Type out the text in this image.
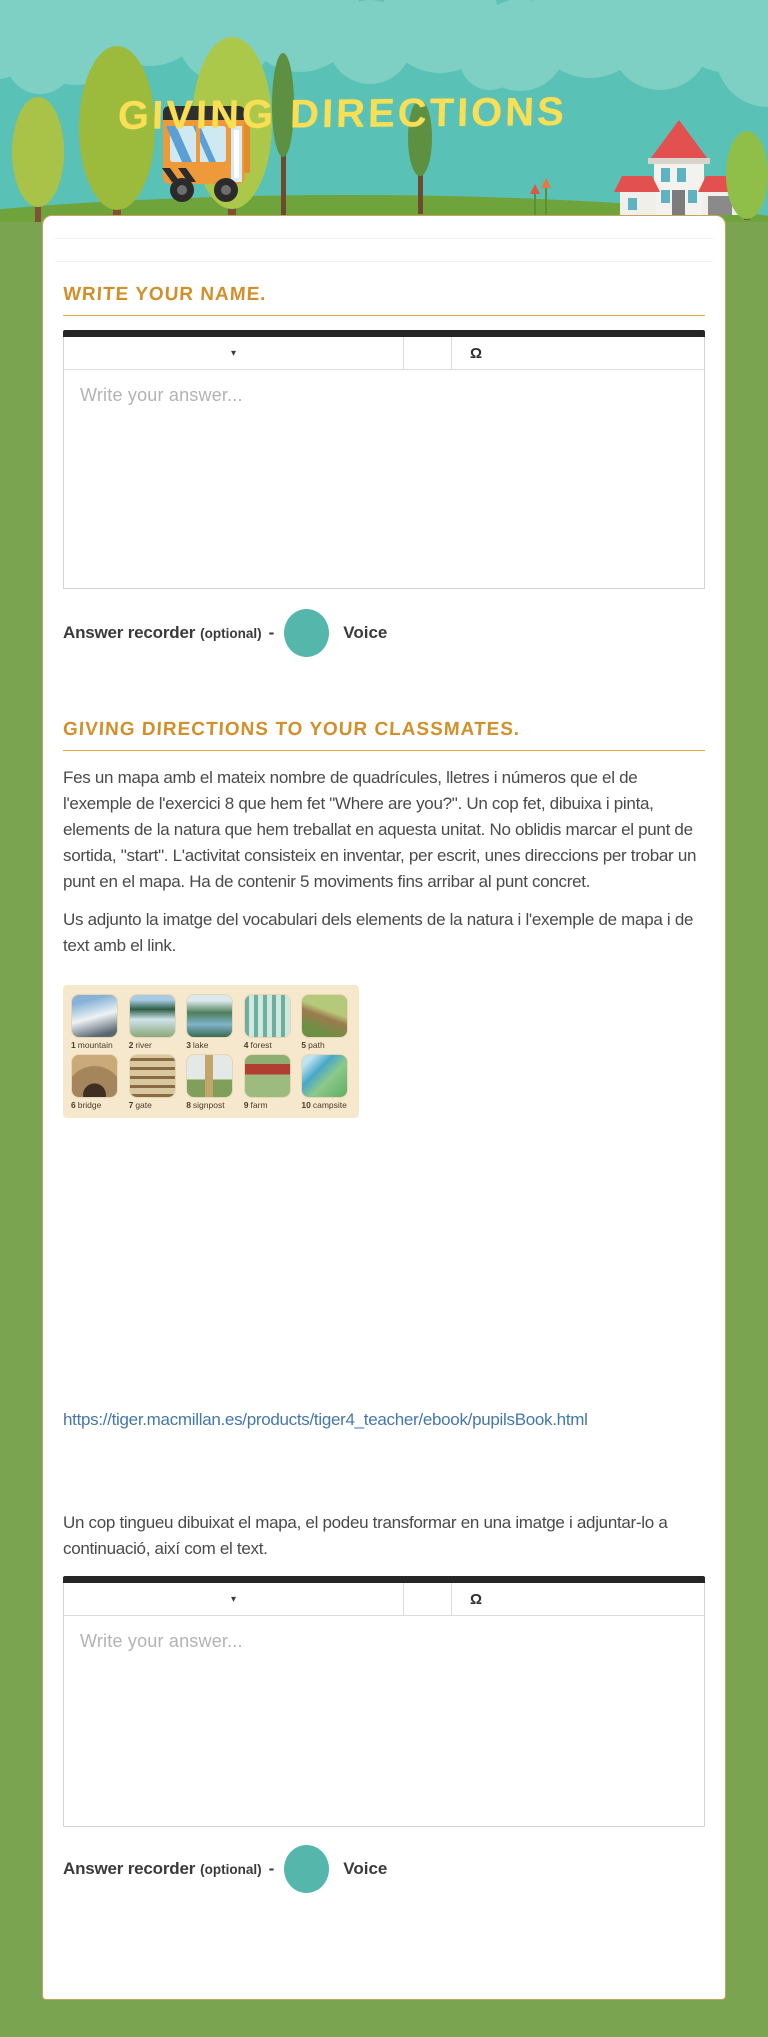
GIVING DIRECTIONS
WRITE YOUR NAME.
▾	Ω
Write your answer...
Answer recorder (optional) -	Voice
GIVING DIRECTIONS TO YOUR CLASSMATES.

Fes un mapa amb el mateix nombre de quadrícules, lletres i números que el de l'exemple de l'exercici 8 que hem fet "Where are you?". Un cop fet, dibuixa i pinta, elements de la natura que hem treballat en aquesta unitat. No oblidis marcar el punt de sortida, "start". L'activitat consisteix en inventar, per escrit, unes direccions per trobar un punt en el mapa. Ha de contenir 5 moviments fins arribar al punt concret.

Us adjunto la imatge del vocabulari dels elements de la natura i l'exemple de mapa i de text amb el link.

1 mountain	2 river	3 lake	4 forest	5 path
6 bridge	7 gate	8 signpost	9 farm	10 campsite
https://tiger.macmillan.es/products/tiger4_teacher/ebook/pupilsBook.html

Un cop tingueu dibuixat el mapa, el podeu transformar en una imatge i adjuntar-lo a continuació, així com el text.

▾	Ω
Write your answer...
Answer recorder (optional) -	Voice
